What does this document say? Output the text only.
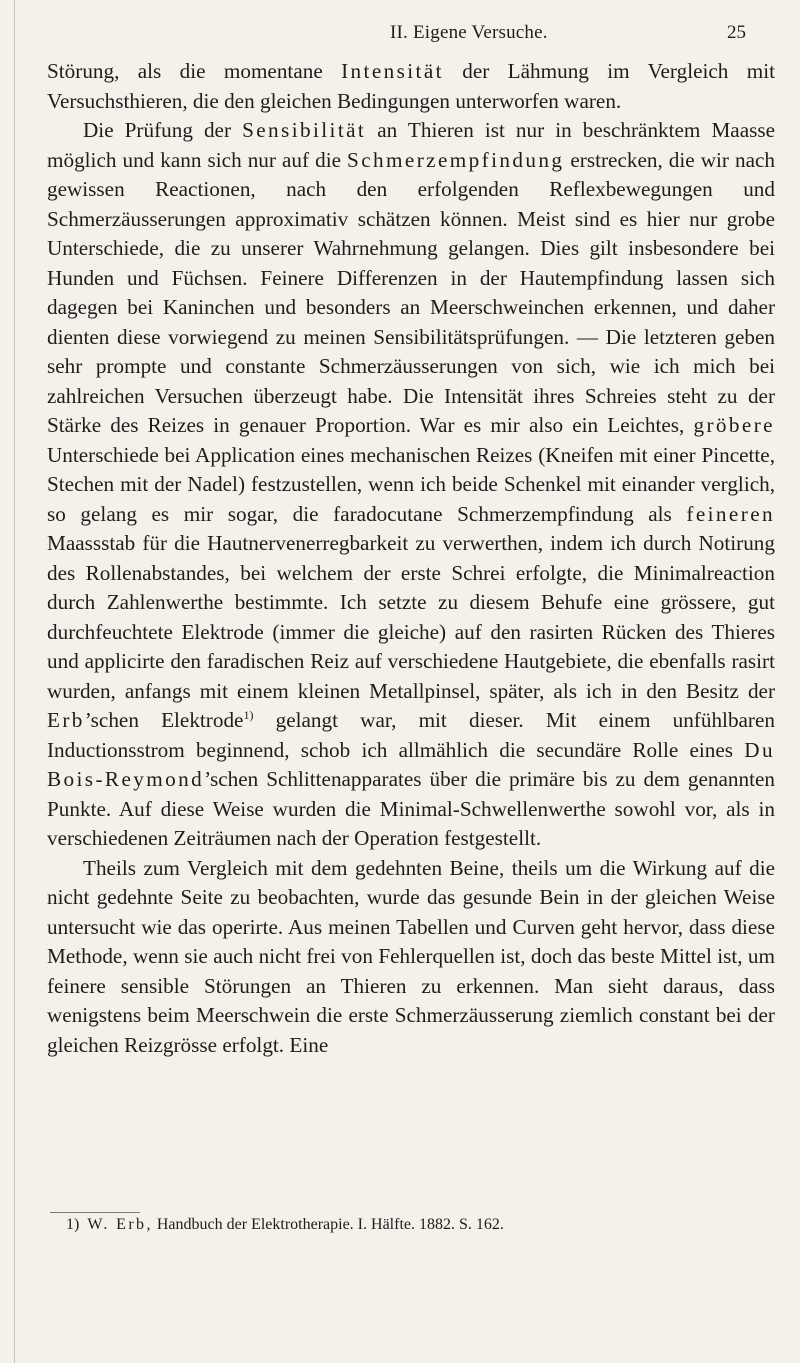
II. Eigene Versuche.	25

Störung, als die momentane Intensität der Lähmung im Vergleich mit Versuchsthieren, die den gleichen Bedingungen unterworfen waren.

Die Prüfung der Sensibilität an Thieren ist nur in beschränktem Maasse möglich und kann sich nur auf die Schmerzempfindung erstrecken, die wir nach gewissen Reactionen, nach den erfolgenden Reflexbewegungen und Schmerzäusserungen approximativ schätzen können. Meist sind es hier nur grobe Unterschiede, die zu unserer Wahrnehmung gelangen. Dies gilt insbesondere bei Hunden und Füchsen. Feinere Differenzen in der Hautempfindung lassen sich dagegen bei Kaninchen und besonders an Meerschweinchen erkennen, und daher dienten diese vorwiegend zu meinen Sensibilitätsprüfungen. — Die letzteren geben sehr prompte und constante Schmerzäusserungen von sich, wie ich mich bei zahlreichen Versuchen überzeugt habe. Die Intensität ihres Schreies steht zu der Stärke des Reizes in genauer Proportion. War es mir also ein Leichtes, gröbere Unterschiede bei Application eines mechanischen Reizes (Kneifen mit einer Pincette, Stechen mit der Nadel) festzustellen, wenn ich beide Schenkel mit einander verglich, so gelang es mir sogar, die faradocutane Schmerzempfindung als feineren Maassstab für die Hautnervenerregbarkeit zu verwerthen, indem ich durch Notirung des Rollenabstandes, bei welchem der erste Schrei erfolgte, die Minimalreaction durch Zahlenwerthe bestimmte. Ich setzte zu diesem Behufe eine grössere, gut durchfeuchtete Elektrode (immer die gleiche) auf den rasirten Rücken des Thieres und applicirte den faradischen Reiz auf verschiedene Hautgebiete, die ebenfalls rasirt wurden, anfangs mit einem kleinen Metallpinsel, später, als ich in den Besitz der Erb’schen Elektrode$^{1)}$ gelangt war, mit dieser. Mit einem unfühlbaren Inductionsstrom beginnend, schob ich allmählich die secundäre Rolle eines Du Bois-Reymond’schen Schlittenapparates über die primäre bis zu dem genannten Punkte. Auf diese Weise wurden die Minimal-Schwellenwerthe sowohl vor, als in verschiedenen Zeiträumen nach der Operation festgestellt.

Theils zum Vergleich mit dem gedehnten Beine, theils um die Wirkung auf die nicht gedehnte Seite zu beobachten, wurde das gesunde Bein in der gleichen Weise untersucht wie das operirte. Aus meinen Tabellen und Curven geht hervor, dass diese Methode, wenn sie auch nicht frei von Fehlerquellen ist, doch das beste Mittel ist, um feinere sensible Störungen an Thieren zu erkennen. Man sieht daraus, dass wenigstens beim Meerschwein die erste Schmerzäusserung ziemlich constant bei der gleichen Reizgrösse erfolgt. Eine

1) W. Erb, Handbuch der Elektrotherapie. I. Hälfte. 1882. S. 162.
